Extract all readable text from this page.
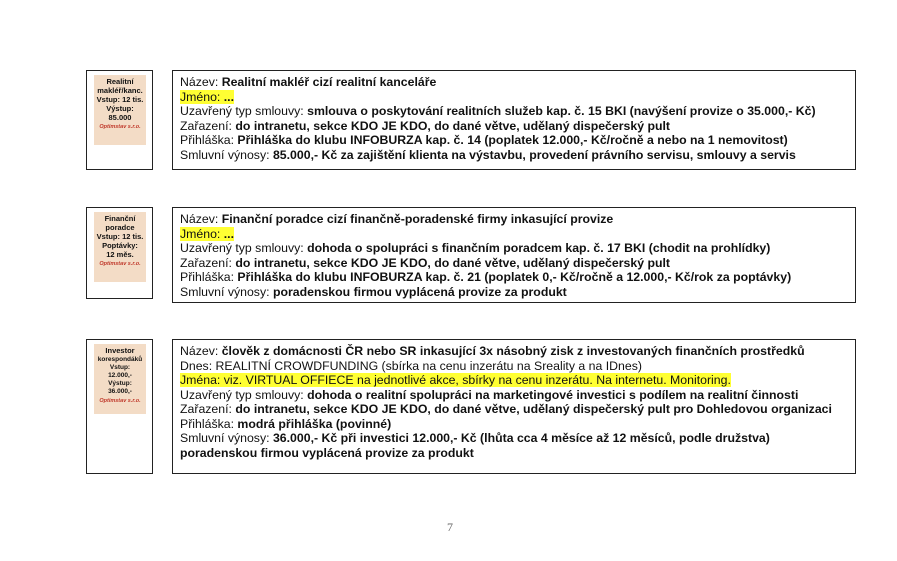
Realitní
makléř/kanc.
Vstup: 12 tis.
Výstup:
85.000
Optimstav s.r.o.
Název: Realitní makléř cizí realitní kanceláře
Jméno: ...
Uzavřený typ smlouvy: smlouva o poskytování realitních služeb kap. č. 15 BKI (navýšení provize o 35.000,- Kč)
Zařazení: do intranetu, sekce KDO JE KDO, do dané větve, udělaný dispečerský pult
Přihláška: Přihláška do klubu INFOBURZA kap. č. 14 (poplatek 12.000,- Kč/ročně a nebo na 1 nemovitost)
Smluvní výnosy: 85.000,- Kč za zajištění klienta na výstavbu, provedení právního servisu, smlouvy a servis
Finanční
poradce
Vstup: 12 tis.
Poptávky:
12 měs.
Optimstav s.r.o.
Název: Finanční poradce cizí finančně-poradenské firmy inkasující provize
Jméno: ...
Uzavřený typ smlouvy: dohoda o spolupráci s finančním poradcem kap. č. 17 BKI (chodit na prohlídky)
Zařazení: do intranetu, sekce KDO JE KDO, do dané větve, udělaný dispečerský pult
Přihláška: Přihláška do klubu INFOBURZA kap. č. 21 (poplatek 0,- Kč/ročně a 12.000,- Kč/rok za poptávky)
Smluvní výnosy: poradenskou firmou vyplácená provize za produkt
Investor
korespondáků
Vstup:
12.000,-
Výstup:
36.000,-
Optimstav s.r.o.
Název: člověk z domácnosti ČR nebo SR inkasující 3x násobný zisk z investovaných finančních prostředků
Dnes: REALITNÍ CROWDFUNDING (sbírka na cenu inzerátu na Sreality a na IDnes)
Jména: viz. VIRTUAL OFFIECE na jednotlivé akce, sbírky na cenu inzerátu. Na internetu. Monitoring.
Uzavřený typ smlouvy: dohoda o realitní spolupráci na marketingové investici s podílem na realitní činnosti
Zařazení: do intranetu, sekce KDO JE KDO, do dané větve, udělaný dispečerský pult pro Dohledovou organizaci
Přihláška: modrá přihláška (povinné)
Smluvní výnosy: 36.000,- Kč při investici 12.000,- Kč (lhůta cca 4 měsíce až 12 měsíců, podle družstva)
poradenskou firmou vyplácená provize za produkt
7
